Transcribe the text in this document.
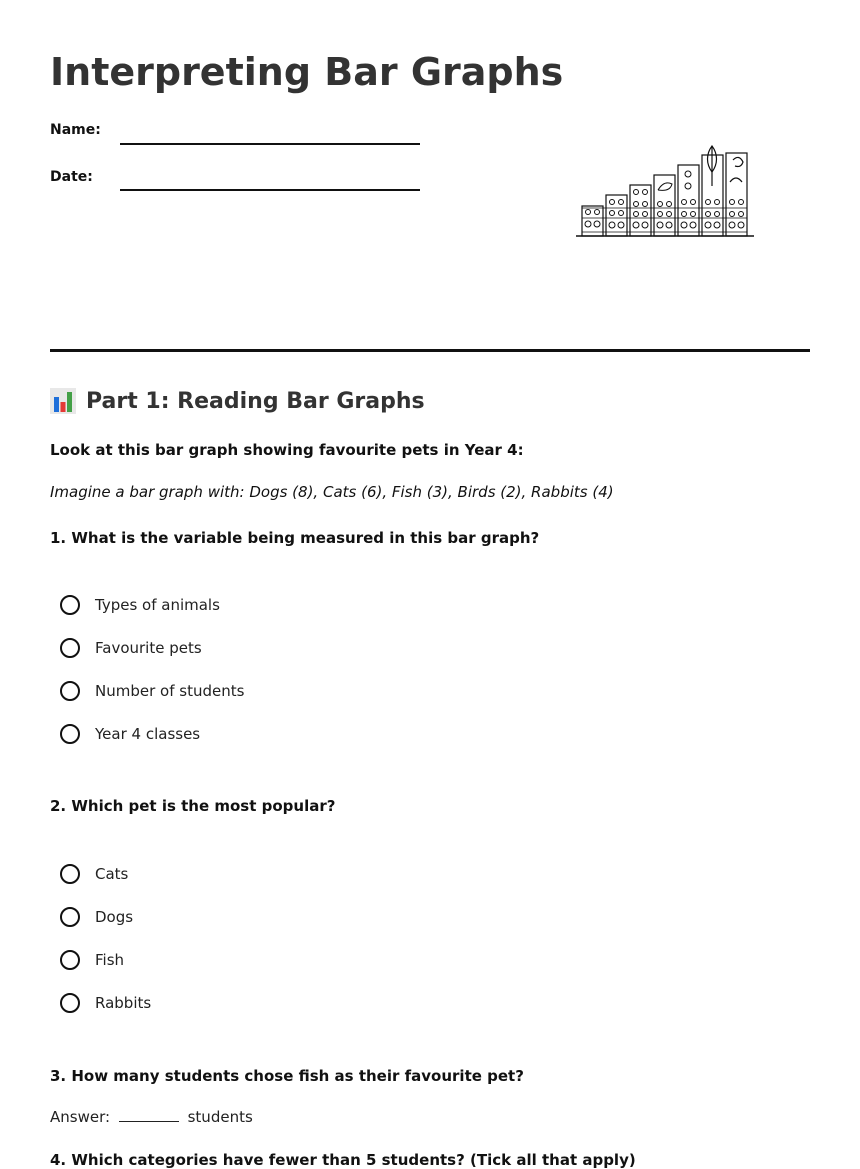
Interpreting Bar Graphs
Name:
Date:
Part 1: Reading Bar Graphs
Look at this bar graph showing favourite pets in Year 4:
Imagine a bar graph with: Dogs (8), Cats (6), Fish (3), Birds (2), Rabbits (4)
1. What is the variable being measured in this bar graph?
Types of animals
Favourite pets
Number of students
Year 4 classes
2. Which pet is the most popular?
Cats
Dogs
Fish
Rabbits
3. How many students chose fish as their favourite pet?
Answer:	students
4. Which categories have fewer than 5 students? (Tick all that apply)
